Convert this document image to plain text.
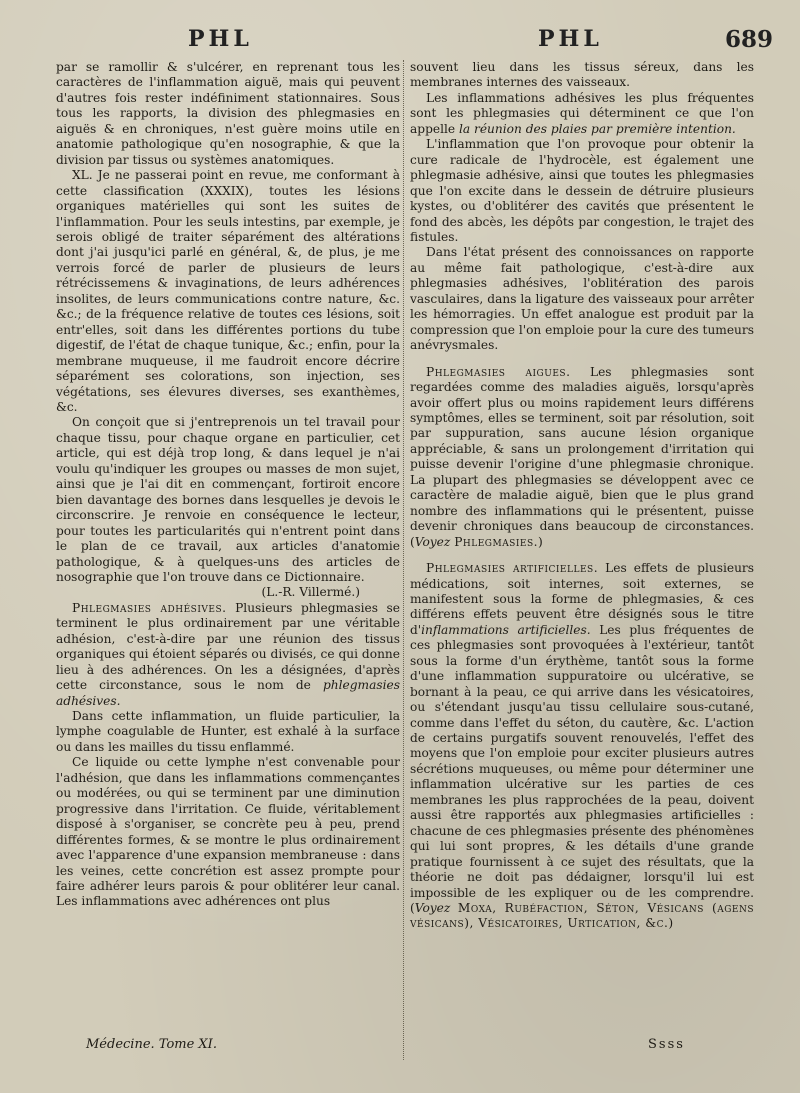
PHL	PHL	689

par se ramollir & s'ulcérer, en reprenant tous les caractères de l'inflammation aiguë, mais qui peuvent d'autres fois rester indéfiniment stationnaires. Sous tous les rapports, la division des phlegmasies en aiguës & en chroniques, n'est guère moins utile en anatomie pathologique qu'en nosographie, & que la division par tissus ou systèmes anatomiques.

XL. Je ne passerai point en revue, me conformant à cette classification (XXXIX), toutes les lésions organiques matérielles qui sont les suites de l'inflammation. Pour les seuls intestins, par exemple, je serois obligé de traiter séparément des altérations dont j'ai jusqu'ici parlé en général, &, de plus, je me verrois forcé de parler de plusieurs de leurs rétrécissemens & invaginations, de leurs adhérences insolites, de leurs communications contre nature, &c. &c.; de la fréquence relative de toutes ces lésions, soit entr'elles, soit dans les différentes portions du tube digestif, de l'état de chaque tunique, &c.; enfin, pour la membrane muqueuse, il me faudroit encore décrire séparément ses colorations, son injection, ses végétations, ses élevures diverses, ses exanthèmes, &c.

On conçoit que si j'entreprenois un tel travail pour chaque tissu, pour chaque organe en particulier, cet article, qui est déjà trop long, & dans lequel je n'ai voulu qu'indiquer les groupes ou masses de mon sujet, ainsi que je l'ai dit en commençant, fortiroit encore bien davantage des bornes dans lesquelles je devois le circonscrire. Je renvoie en conséquence le lecteur, pour toutes les particularités qui n'entrent point dans le plan de ce travail, aux articles d'anatomie pathologique, & à quelques-uns des articles de nosographie que l'on trouve dans ce Dictionnaire.

(L.-R. Villermé.)

Phlegmasies adhésives. Plusieurs phlegmasies se terminent le plus ordinairement par une véritable adhésion, c'est-à-dire par une réunion des tissus organiques qui étoient séparés ou divisés, ce qui donne lieu à des adhérences. On les a désignées, d'après cette circonstance, sous le nom de phlegmasies adhésives.

Dans cette inflammation, un fluide particulier, la lymphe coagulable de Hunter, est exhalé à la surface ou dans les mailles du tissu enflammé.

Ce liquide ou cette lymphe n'est convenable pour l'adhésion, que dans les inflammations commençantes ou modérées, ou qui se terminent par une diminution progressive dans l'irritation. Ce fluide, véritablement disposé à s'organiser, se concrète peu à peu, prend différentes formes, & se montre le plus ordinairement avec l'apparence d'une expansion membraneuse : dans les veines, cette concrétion est assez prompte pour faire adhérer leurs parois & pour oblitérer leur canal. Les inflammations avec adhérences ont plus

souvent lieu dans les tissus séreux, dans les membranes internes des vaisseaux.

Les inflammations adhésives les plus fréquentes sont les phlegmasies qui déterminent ce que l'on appelle la réunion des plaies par première intention.

L'inflammation que l'on provoque pour obtenir la cure radicale de l'hydrocèle, est également une phlegmasie adhésive, ainsi que toutes les phlegmasies que l'on excite dans le dessein de détruire plusieurs kystes, ou d'oblitérer des cavités que présentent le fond des abcès, les dépôts par congestion, le trajet des fistules.

Dans l'état présent des connoissances on rapporte au même fait pathologique, c'est-à-dire aux phlegmasies adhésives, l'oblitération des parois vasculaires, dans la ligature des vaisseaux pour arrêter les hémorragies. Un effet analogue est produit par la compression que l'on emploie pour la cure des tumeurs anévrysmales.

Phlegmasies aigues. Les phlegmasies sont regardées comme des maladies aiguës, lorsqu'après avoir offert plus ou moins rapidement leurs différens symptômes, elles se terminent, soit par résolution, soit par suppuration, sans aucune lésion organique appréciable, & sans un prolongement d'irritation qui puisse devenir l'origine d'une phlegmasie chronique. La plupart des phlegmasies se développent avec ce caractère de maladie aiguë, bien que le plus grand nombre des inflammations qui le présentent, puisse devenir chroniques dans beaucoup de circonstances. (Voyez Phlegmasies.)

Phlegmasies artificielles. Les effets de plusieurs médications, soit internes, soit externes, se manifestent sous la forme de phlegmasies, & ces différens effets peuvent être désignés sous le titre d'inflammations artificielles. Les plus fréquentes de ces phlegmasies sont provoquées à l'extérieur, tantôt sous la forme d'un érythème, tantôt sous la forme d'une inflammation suppuratoire ou ulcérative, se bornant à la peau, ce qui arrive dans les vésicatoires, ou s'étendant jusqu'au tissu cellulaire sous-cutané, comme dans l'effet du séton, du cautère, &c. L'action de certains purgatifs souvent renouvelés, l'effet des moyens que l'on emploie pour exciter plusieurs autres sécrétions muqueuses, ou même pour déterminer une inflammation ulcérative sur les parties de ces membranes les plus rapprochées de la peau, doivent aussi être rapportés aux phlegmasies artificielles : chacune de ces phlegmasies présente des phénomènes qui lui sont propres, & les détails d'une grande pratique fournissent à ce sujet des résultats, que la théorie ne doit pas dédaigner, lorsqu'il lui est impossible de les expliquer ou de les comprendre. (Voyez Moxa, Rubéfaction, Séton, Vésicans (agens vésicans), Vésicatoires, Urtication, &c.)

Médecine. Tome XI.	Ssss
